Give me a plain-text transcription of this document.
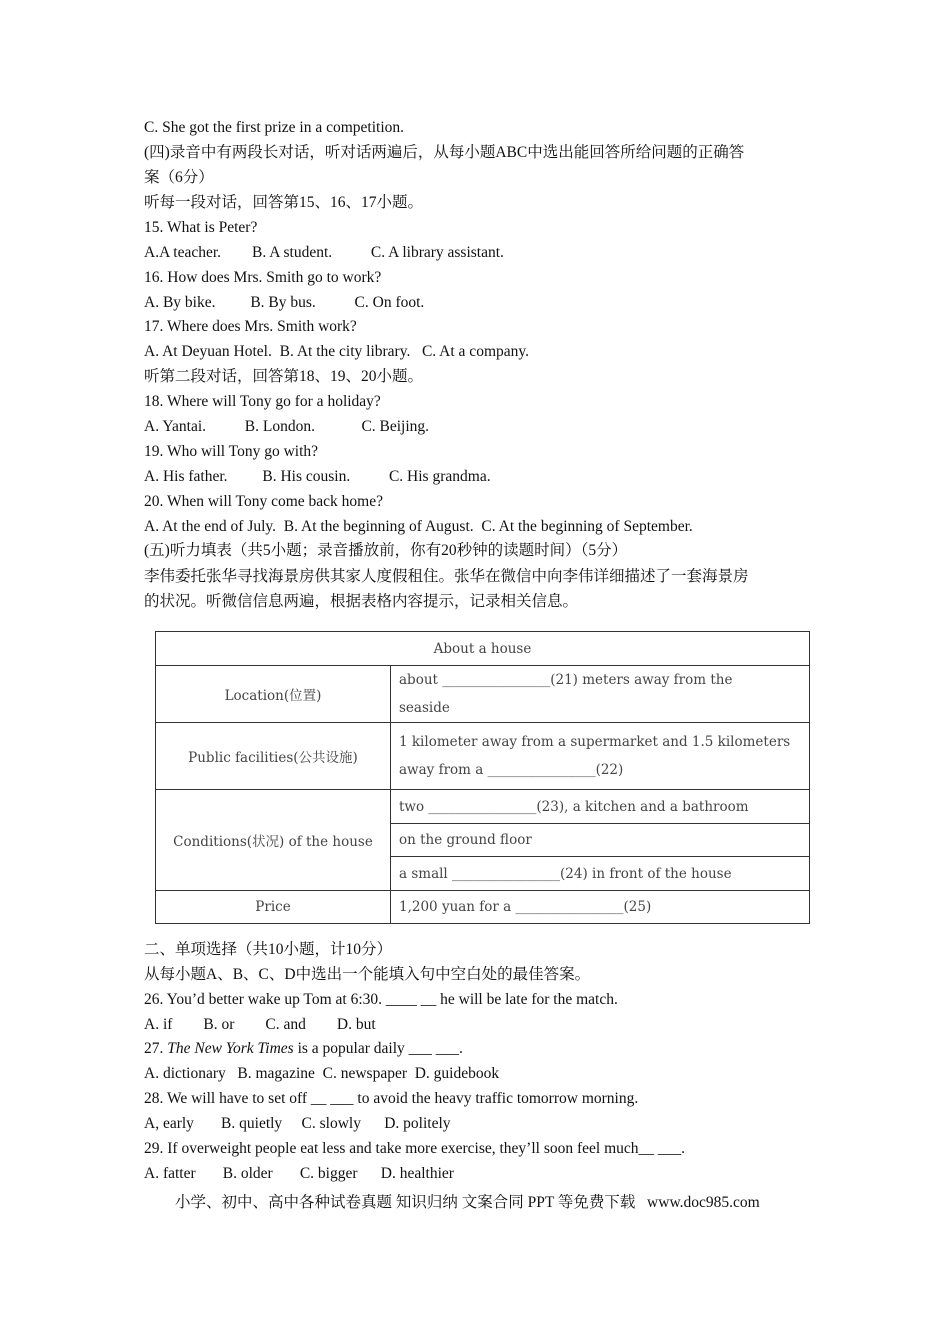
C. She got the first prize in a competition.
(四)录音中有两段长对话，听对话两遍后，从每小题ABC中选出能回答所给问题的正确答
案（6分）
听每一段对话，回答第15、16、17小题。
15. What is Peter?
A.A teacher.        B. A student.          C. A library assistant.
16. How does Mrs. Smith go to work?
A. By bike.         B. By bus.          C. On foot.
17. Where does Mrs. Smith work?
A. At Deyuan Hotel.  B. At the city library.   C. At a company.
听第二段对话，回答第18、19、20小题。
18. Where will Tony go for a holiday?
A. Yantai.          B. London.            C. Beijing.
19. Who will Tony go with?
A. His father.         B. His cousin.          C. His grandma.
20. When will Tony come back home?
A. At the end of July.  B. At the beginning of August.  C. At the beginning of September.
(五)听力填表（共5小题；录音播放前，你有20秒钟的读题时间）（5分）
李伟委托张华寻找海景房供其家人度假租住。张华在微信中向李伟详细描述了一套海景房
的状况。听微信信息两遍，根据表格内容提示，记录相关信息。
About a house	
Location(位置)	about ________________(21) meters away from the
seaside

Public facilities(公共设施)	1 kilometer away from a supermarket and 1.5 kilometers
away from a ________________(22)

Conditions(状况) of the house	two ________________(23), a kitchen and a bathroom
	on the ground floor
	a small ________________(24) in front of the house
Price	1,200 yuan for a ________________(25)
二、单项选择（共10小题，计10分）
从每小题A、B、C、D中选出一个能填入句中空白处的最佳答案。
26. You’d better wake up Tom at 6:30. ____ __ he will be late for the match.
A. if        B. or        C. and        D. but
27. The New York Times is a popular daily ___ ___.
A. dictionary   B. magazine  C. newspaper  D. guidebook
28. We will have to set off __ ___ to avoid the heavy traffic tomorrow morning.
A, early       B. quietly     C. slowly      D. politely
29. If overweight people eat less and take more exercise, they’ll soon feel much__ ___.
A. fatter       B. older       C. bigger      D. healthier
小学、初中、高中各种试卷真题 知识归纳 文案合同 PPT 等免费下载   www.doc985.com
